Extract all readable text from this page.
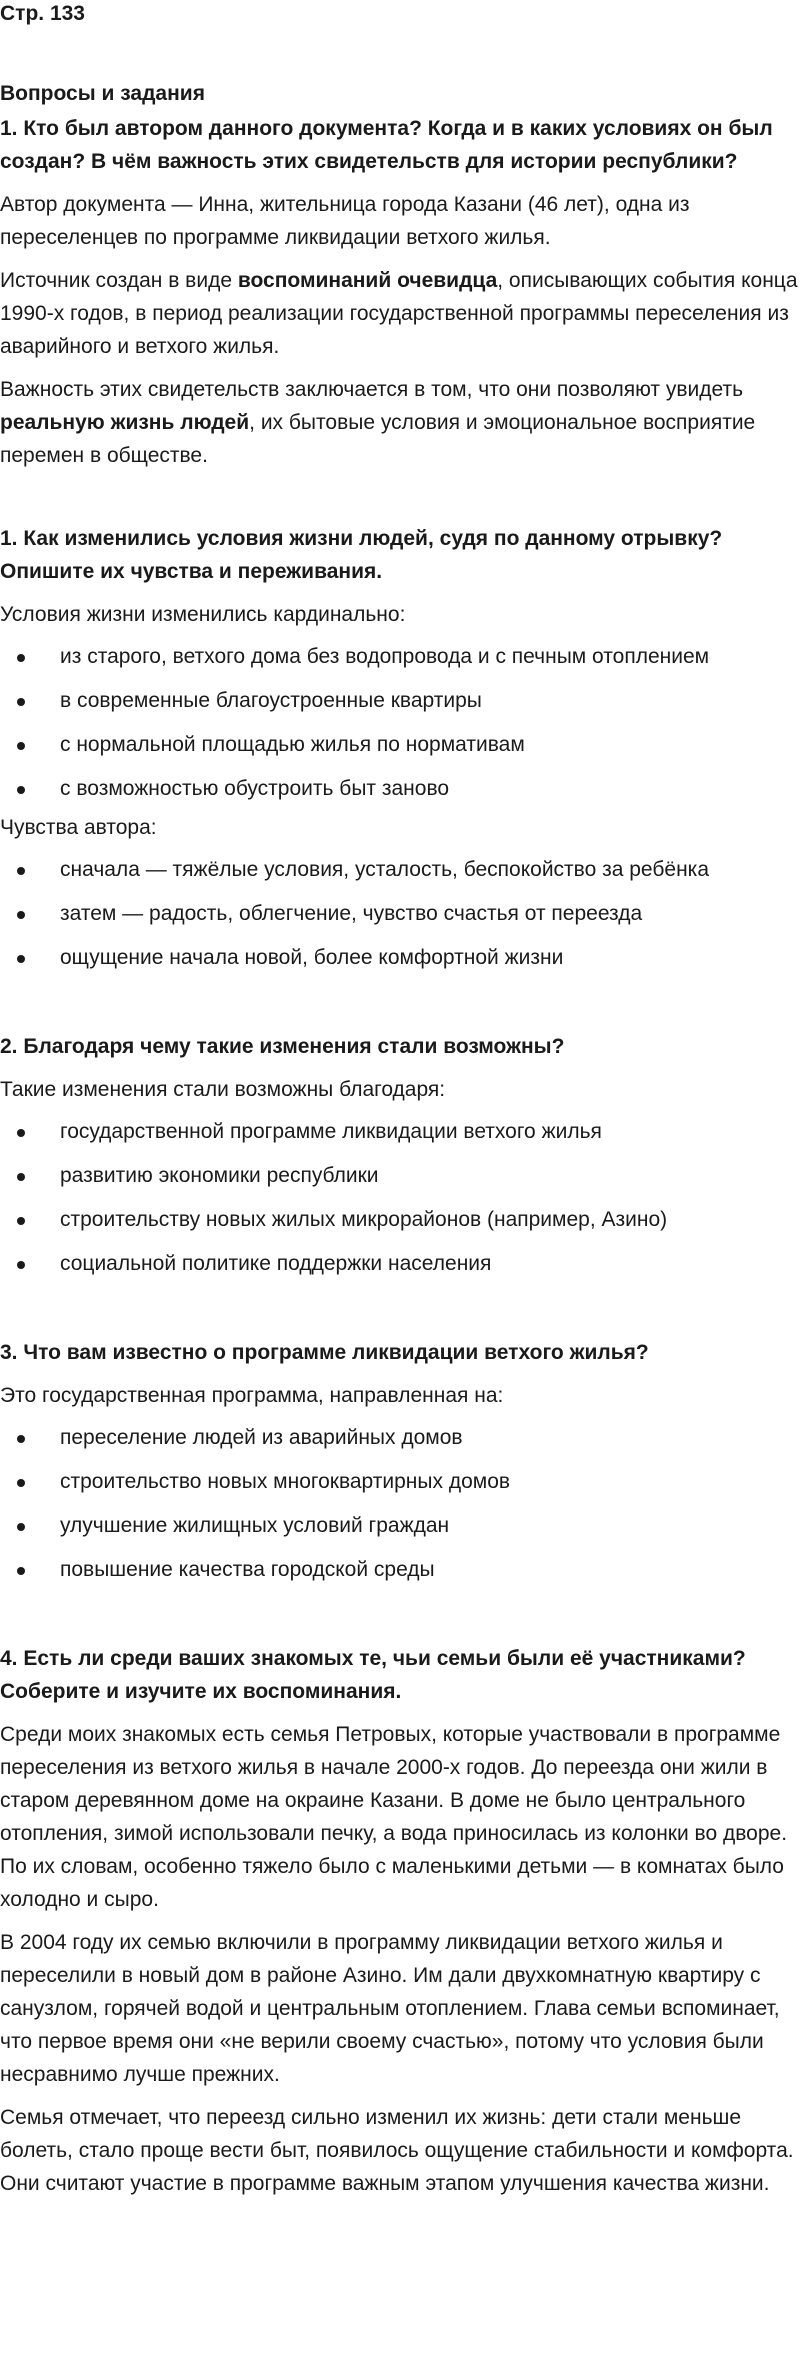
Стр. 133
Вопросы и задания
1. Кто был автором данного документа? Когда и в каких условиях он был создан? В чём важность этих свидетельств для истории республики?

Автор документа — Инна, жительница города Казани (46 лет), одна из переселенцев по программе ликвидации ветхого жилья.

Источник создан в виде воспоминаний очевидца, описывающих события конца 1990-х годов, в период реализации государственной программы переселения из аварийного и ветхого жилья.

Важность этих свидетельств заключается в том, что они позволяют увидеть реальную жизнь людей, их бытовые условия и эмоциональное восприятие перемен в обществе.

1. Как изменились условия жизни людей, судя по данному отрывку? Опишите их чувства и переживания.

Условия жизни изменились кардинально:

из старого, ветхого дома без водопровода и с печным отоплением
в современные благоустроенные квартиры
с нормальной площадью жилья по нормативам
с возможностью обустроить быт заново

Чувства автора:

сначала — тяжёлые условия, усталость, беспокойство за ребёнка
затем — радость, облегчение, чувство счастья от переезда
ощущение начала новой, более комфортной жизни
2. Благодаря чему такие изменения стали возможны?

Такие изменения стали возможны благодаря:

государственной программе ликвидации ветхого жилья
развитию экономики республики
строительству новых жилых микрорайонов (например, Азино)
социальной политике поддержки населения
3. Что вам известно о программе ликвидации ветхого жилья?

Это государственная программа, направленная на:

переселение людей из аварийных домов
строительство новых многоквартирных домов
улучшение жилищных условий граждан
повышение качества городской среды
4. Есть ли среди ваших знакомых те, чьи семьи были её участниками? Соберите и изучите их воспоминания.

Среди моих знакомых есть семья Петровых, которые участвовали в программе переселения из ветхого жилья в начале 2000-х годов. До переезда они жили в старом деревянном доме на окраине Казани. В доме не было центрального отопления, зимой использовали печку, а вода приносилась из колонки во дворе. По их словам, особенно тяжело было с маленькими детьми — в комнатах было холодно и сыро.

В 2004 году их семью включили в программу ликвидации ветхого жилья и переселили в новый дом в районе Азино. Им дали двухкомнатную квартиру с санузлом, горячей водой и центральным отоплением. Глава семьи вспоминает, что первое время они «не верили своему счастью», потому что условия были несравнимо лучше прежних.

Семья отмечает, что переезд сильно изменил их жизнь: дети стали меньше болеть, стало проще вести быт, появилось ощущение стабильности и комфорта. Они считают участие в программе важным этапом улучшения качества жизни.
